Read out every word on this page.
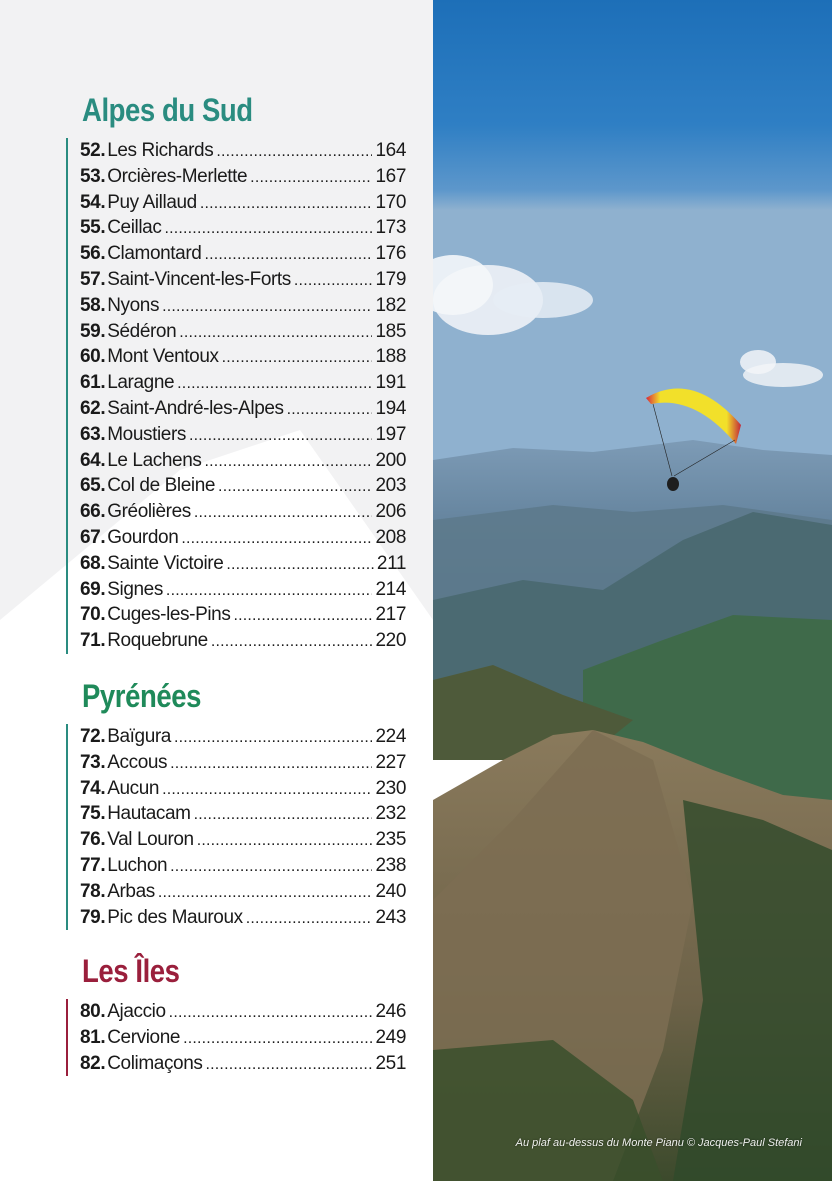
Alpes du Sud
52. Les Richards .....	164
53. Orcières-Merlette .....	167
54. Puy Aillaud .....	170
55. Ceillac .....	173
56. Clamontard .....	176
57. Saint-Vincent-les-Forts .....	179
58. Nyons .....	182
59. Sédéron .....	185
60. Mont Ventoux .....	188
61. Laragne .....	191
62. Saint-André-les-Alpes .....	194
63. Moustiers .....	197
64. Le Lachens .....	200
65. Col de Bleine .....	203
66. Gréolières .....	206
67. Gourdon .....	208
68. Sainte Victoire .....	211
69. Signes .....	214
70. Cuges-les-Pins .....	217
71. Roquebrune .....	220
Pyrénées
72. Baïgura .....	224
73. Accous .....	227
74. Aucun .....	230
75. Hautacam .....	232
76. Val Louron .....	235
77. Luchon .....	238
78. Arbas .....	240
79. Pic des Mauroux .....	243
Les Îles
80. Ajaccio .....	246
81. Cervione .....	249
82. Colimaçons .....	251
Au plaf au-dessus du Monte Pianu © Jacques-Paul Stefani
